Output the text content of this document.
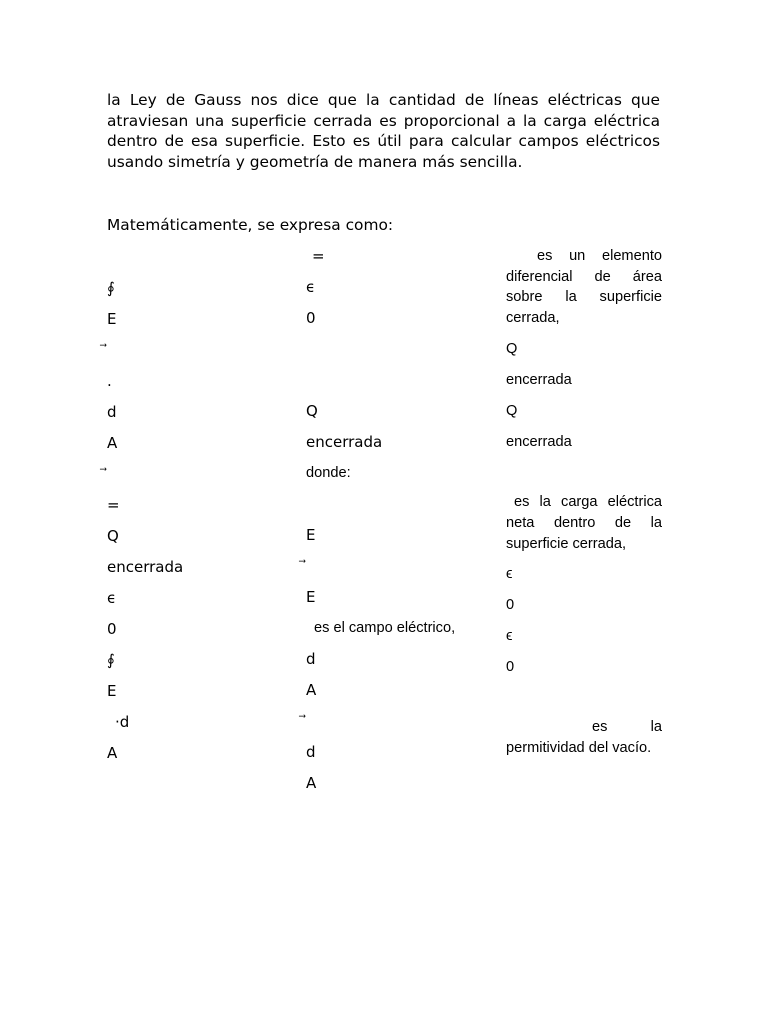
la Ley de Gauss nos dice que la cantidad de líneas eléctricas que atraviesan una superficie cerrada es proporcional a la carga eléctrica dentro de esa superficie. Esto es útil para calcular campos eléctricos usando simetría y geometría de manera más sencilla.

Matemáticamente, se expresa como:

∮
E
.
d
A
=
Q
encerrada
ϵ
0
∮
E
·d
A
=
ϵ
0
Q
encerrada
donde:
E
E
es el campo eléctrico,
d
A
d
A

es un elemento diferencial de área sobre la superficie cerrada,

Q
encerrada
Q
encerrada

es la carga eléctrica neta dentro de la superficie cerrada,

ϵ
0
ϵ
0

es la permitividad del vacío.
